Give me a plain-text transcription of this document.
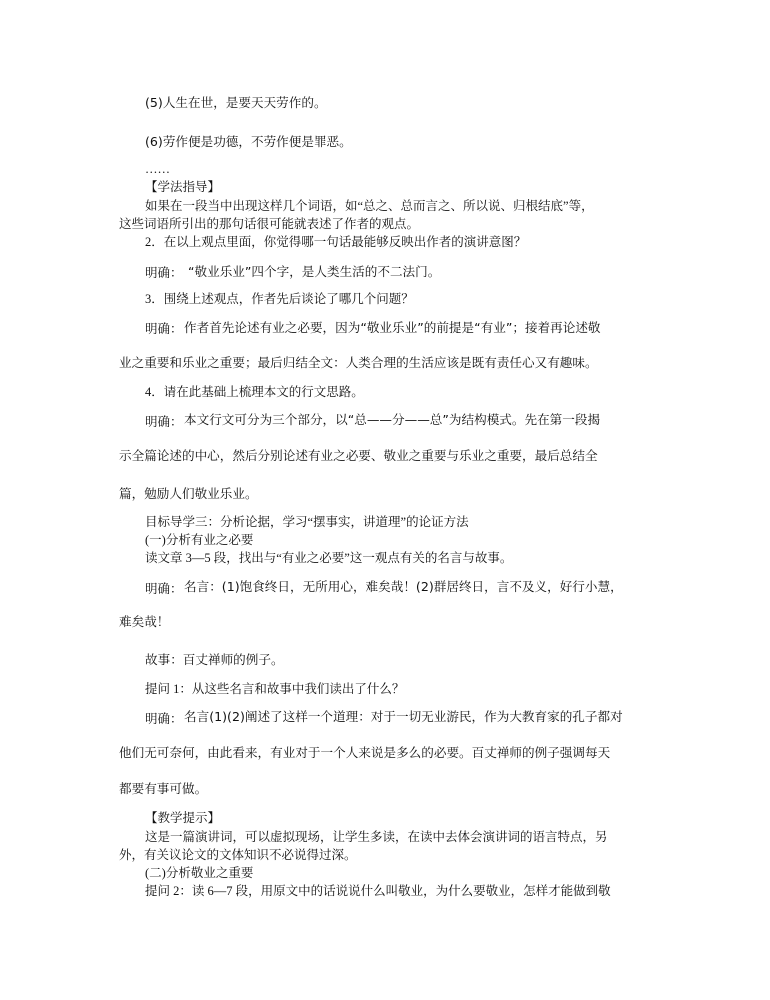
(5)人生在世，是要天天劳作的。
(6)劳作便是功德，不劳作便是罪恶。
……
【学法指导】
如果在一段当中出现这样几个词语，如“总之、总而言之、所以说、归根结底”等，
这些词语所引出的那句话很可能就表述了作者的观点。
2．在以上观点里面，你觉得哪一句话最能够反映出作者的演讲意图？
明确： “敬业乐业”四个字，是人类生活的不二法门。
3．围绕上述观点，作者先后谈论了哪几个问题？
明确： 作者首先论述有业之必要，因为“敬业乐业”的前提是“有业”；接着再论述敬
业之重要和乐业之重要；最后归结全文：人类合理的生活应该是既有责任心又有趣味。
4．请在此基础上梳理本文的行文思路。
明确： 本文行文可分为三个部分，以“总——分——总”为结构模式。先在第一段揭
示全篇论述的中心，然后分别论述有业之必要、敬业之重要与乐业之重要，最后总结全
篇，勉励人们敬业乐业。
目标导学三：分析论据，学习“摆事实，讲道理”的论证方法
(一)分析有业之必要
读文章 3—5 段，找出与“有业之必要”这一观点有关的名言与故事。
明确： 名言：(1)饱食终日，无所用心，难矣哉！(2)群居终日，言不及义，好行小慧，
难矣哉！
故事：百丈禅师的例子。
提问 1：从这些名言和故事中我们读出了什么？
明确： 名言(1)(2)阐述了这样一个道理：对于一切无业游民，作为大教育家的孔子都对
他们无可奈何，由此看来，有业对于一个人来说是多么的必要。百丈禅师的例子强调每天
都要有事可做。
【教学提示】
这是一篇演讲词，可以虚拟现场，让学生多读，在读中去体会演讲词的语言特点，另
外，有关议论文的文体知识不必说得过深。
(二)分析敬业之重要
提问 2：读 6—7 段，用原文中的话说说什么叫敬业，为什么要敬业，怎样才能做到敬
